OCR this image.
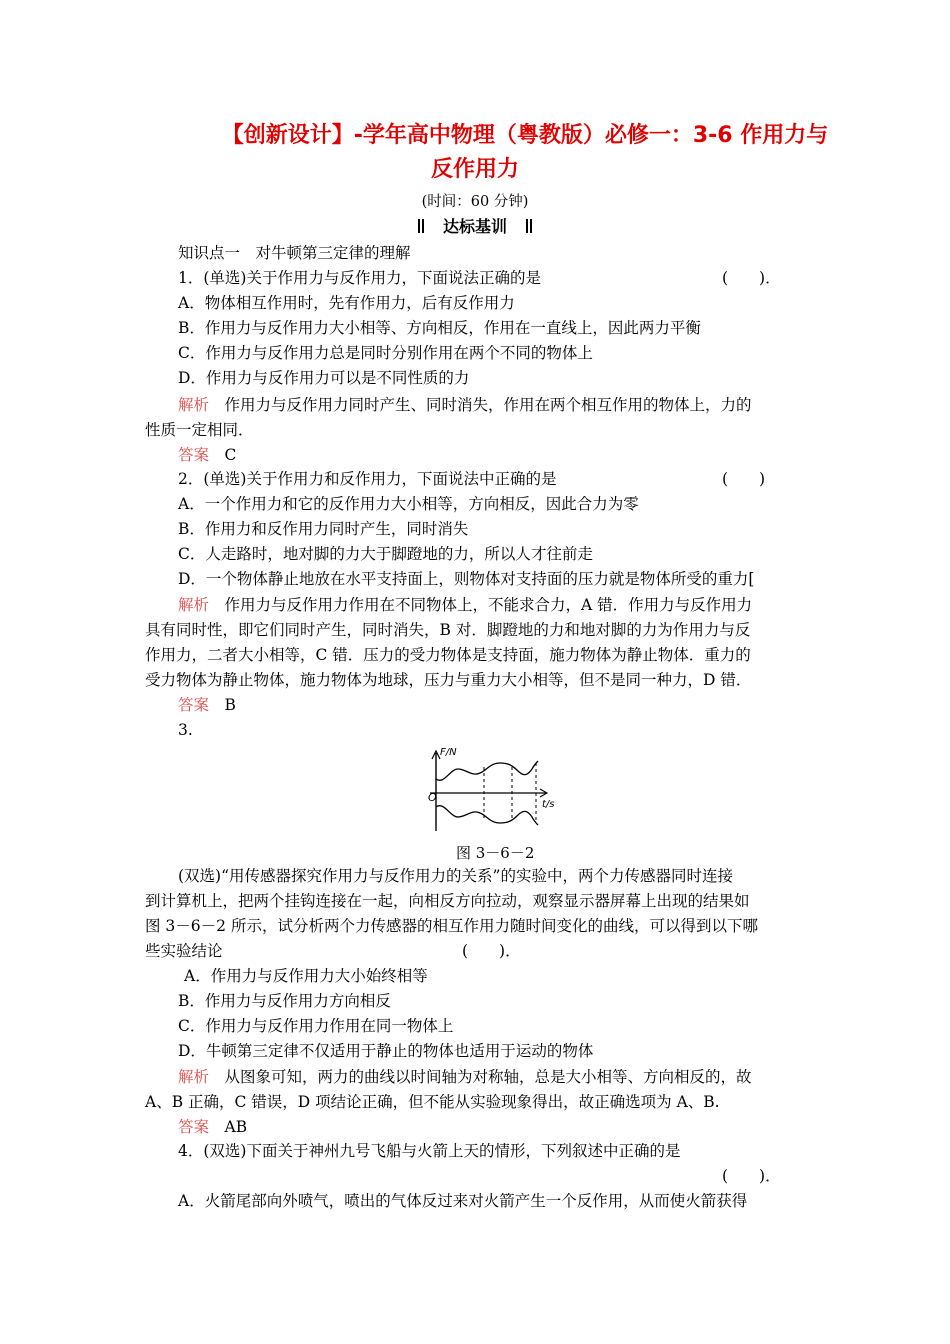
【创新设计】-学年高中物理（粤教版）必修一：3-6 作用力与
反作用力
(时间：60 分钟)
达标基训
知识点一　对牛顿第三定律的理解
1．(单选)关于作用力与反作用力，下面说法正确的是	(　　)．
A．物体相互作用时，先有作用力，后有反作用力
B．作用力与反作用力大小相等、方向相反，作用在一直线上，因此两力平衡
C．作用力与反作用力总是同时分别作用在两个不同的物体上
D．作用力与反作用力可以是不同性质的力
解析　 作用力与反作用力同时产生、同时消失，作用在两个相互作用的物体上，力的
性质一定相同．
答案　 C
2．(单选)关于作用力和反作用力，下面说法中正确的是	(　　)
A．一个作用力和它的反作用力大小相等，方向相反，因此合力为零
B．作用力和反作用力同时产生，同时消失
C．人走路时，地对脚的力大于脚蹬地的力，所以人才往前走
D．一个物体静止地放在水平支持面上，则物体对支持面的压力就是物体所受的重力[
解析　 作用力与反作用力作用在不同物体上，不能求合力，A 错．作用力与反作用力
具有同时性，即它们同时产生，同时消失，B 对．脚蹬地的力和地对脚的力为作用力与反
作用力，二者大小相等，C 错．压力的受力物体是支持面，施力物体为静止物体．重力的
受力物体为静止物体，施力物体为地球，压力与重力大小相等，但不是同一种力，D 错．
答案　 B
3.
F/N
O
t/s
图 3－6－2
(双选)“用传感器探究作用力与反作用力的关系”的实验中，两个力传感器同时连接
到计算机上，把两个挂钩连接在一起，向相反方向拉动，观察显示器屏幕上出现的结果如
图 3－6－2 所示，试分析两个力传感器的相互作用力随时间变化的曲线，可以得到以下哪
些实验结论	(　　)．
A．作用力与反作用力大小始终相等
B．作用力与反作用力方向相反
C．作用力与反作用力作用在同一物体上
D．牛顿第三定律不仅适用于静止的物体也适用于运动的物体
解析　 从图象可知，两力的曲线以时间轴为对称轴，总是大小相等、方向相反的，故
A、B 正确，C 错误，D 项结论正确，但不能从实验现象得出，故正确选项为 A、B.
答案　 AB
4．(双选)下面关于神州九号飞船与火箭上天的情形，下列叙述中正确的是
(　　)．
A．火箭尾部向外喷气，喷出的气体反过来对火箭产生一个反作用，从而使火箭获得
